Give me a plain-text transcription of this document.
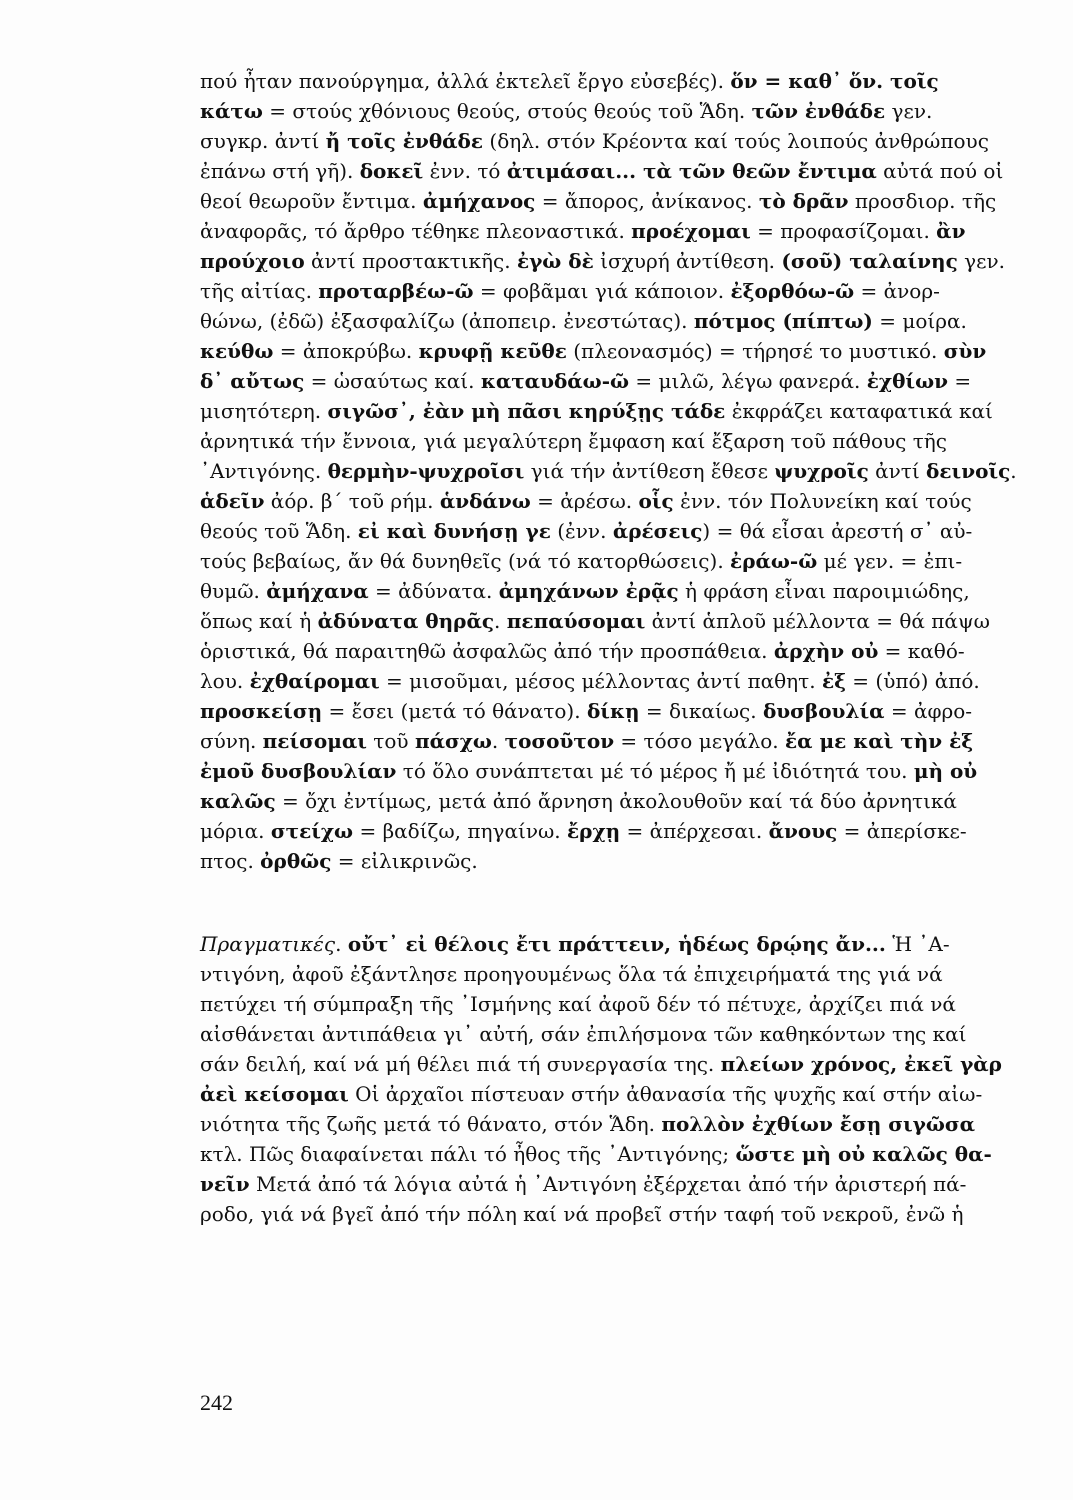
πού ἦταν πανούργημα, ἀλλά ἐκτελεῖ ἔργο εὐσεβές). ὅν = καθ᾽ ὅν. τοῖς
κάτω = στούς χθόνιους θεούς, στούς θεούς τοῦ Ἅδη. τῶν ἐνθάδε γεν.
συγκρ. ἀντί ἤ τοῖς ἐνθάδε (δηλ. στόν Κρέοντα καί τούς λοιπούς ἀνθρώπους
ἐπάνω στή γῆ). δοκεῖ ἐνν. τό ἀτιμάσαι... τὰ τῶν θεῶν ἔντιμα αὐτά πού οἱ
θεοί θεωροῦν ἔντιμα. ἀμήχανος = ἄπορος, ἀνίκανος. τὸ δρᾶν προσδιορ. τῆς
ἀναφορᾶς, τό ἄρθρο τέθηκε πλεοναστικά. προέχομαι = προφασίζομαι. ἂν
προύχοιο ἀντί προστακτικῆς. ἐγὼ δὲ ἰσχυρή ἀντίθεση. (σοῦ) ταλαίνης γεν.
τῆς αἰτίας. προταρβέω-ῶ = φοβᾶμαι γιά κάποιον. ἐξορθόω-ῶ = ἀνορ-
θώνω, (ἐδῶ) ἐξασφαλίζω (ἀποπειρ. ἐνεστώτας). πότμος (πίπτω) = μοίρα.
κεύθω = ἀποκρύβω. κρυφῇ κεῦθε (πλεονασμός) = τήρησέ το μυστικό. σὺν
δ᾽ αὔτως = ὡσαύτως καί. καταυδάω-ῶ = μιλῶ, λέγω φανερά. ἐχθίων =
μισητότερη. σιγῶσ᾽, ἐὰν μὴ πᾶσι κηρύξῃς τάδε ἐκφράζει καταφατικά καί
ἀρνητικά τήν ἔννοια, γιά μεγαλύτερη ἔμφαση καί ἔξαρση τοῦ πάθους τῆς
᾽Αντιγόνης. θερμὴν-ψυχροῖσι γιά τήν ἀντίθεση ἔθεσε ψυχροῖς ἀντί δεινοῖς.
ἁδεῖν ἀόρ. β΄ τοῦ ρήμ. ἁνδάνω = ἀρέσω. οἷς ἐνν. τόν Πολυνείκη καί τούς
θεούς τοῦ Ἅδη. εἰ καὶ δυνήσῃ γε (ἐνν. ἀρέσεις) = θά εἶσαι ἀρεστή σ᾽ αὐ-
τούς βεβαίως, ἄν θά δυνηθεῖς (νά τό κατορθώσεις). ἐράω-ῶ μέ γεν. = ἐπι-
θυμῶ. ἀμήχανα = ἀδύνατα. ἀμηχάνων ἐρᾷς ἡ φράση εἶναι παροιμιώδης,
ὅπως καί ἡ ἀδύνατα θηρᾶς. πεπαύσομαι ἀντί ἁπλοῦ μέλλοντα = θά πάψω
ὁριστικά, θά παραιτηθῶ ἀσφαλῶς ἀπό τήν προσπάθεια. ἀρχὴν οὐ = καθό-
λου. ἐχθαίρομαι = μισοῦμαι, μέσος μέλλοντας ἀντί παθητ. ἐξ = (ὑπό) ἀπό.
προσκείσῃ = ἔσει (μετά τό θάνατο). δίκῃ = δικαίως. δυσβουλία = ἀφρο-
σύνη. πείσομαι τοῦ πάσχω. τοσοῦτον = τόσο μεγάλο. ἔα με καὶ τὴν ἐξ
ἐμοῦ δυσβουλίαν τό ὅλο συνάπτεται μέ τό μέρος ἤ μέ ἰδιότητά του. μὴ οὐ
καλῶς = ὄχι ἐντίμως, μετά ἀπό ἄρνηση ἀκολουθοῦν καί τά δύο ἀρνητικά
μόρια. στείχω = βαδίζω, πηγαίνω. ἔρχῃ = ἀπέρχεσαι. ἄνους = ἀπερίσκε-
πτος. ὀρθῶς = εἰλικρινῶς.

Πραγματικές. οὔτ᾽ εἰ θέλοις ἔτι πράττειν, ἡδέως δρῴης ἄν... Ἡ ᾽Α-
ντιγόνη, ἀφοῦ ἐξάντλησε προηγουμένως ὅλα τά ἐπιχειρήματά της γιά νά
πετύχει τή σύμπραξη τῆς ᾽Ισμήνης καί ἀφοῦ δέν τό πέτυχε, ἀρχίζει πιά νά
αἰσθάνεται ἀντιπάθεια γι᾽ αὐτή, σάν ἐπιλήσμονα τῶν καθηκόντων της καί
σάν δειλή, καί νά μή θέλει πιά τή συνεργασία της. πλείων χρόνος, ἐκεῖ γὰρ
ἀεὶ κείσομαι Οἱ ἀρχαῖοι πίστευαν στήν ἀθανασία τῆς ψυχῆς καί στήν αἰω-
νιότητα τῆς ζωῆς μετά τό θάνατο, στόν Ἅδη. πολλὸν ἐχθίων ἔσῃ σιγῶσα
κτλ. Πῶς διαφαίνεται πάλι τό ἦθος τῆς ᾽Αντιγόνης; ὥστε μὴ οὐ καλῶς θα-
νεῖν Μετά ἀπό τά λόγια αὐτά ἡ ᾽Αντιγόνη ἐξέρχεται ἀπό τήν ἀριστερή πά-
ροδο, γιά νά βγεῖ ἀπό τήν πόλη καί νά προβεῖ στήν ταφή τοῦ νεκροῦ, ἐνῶ ἡ

242
